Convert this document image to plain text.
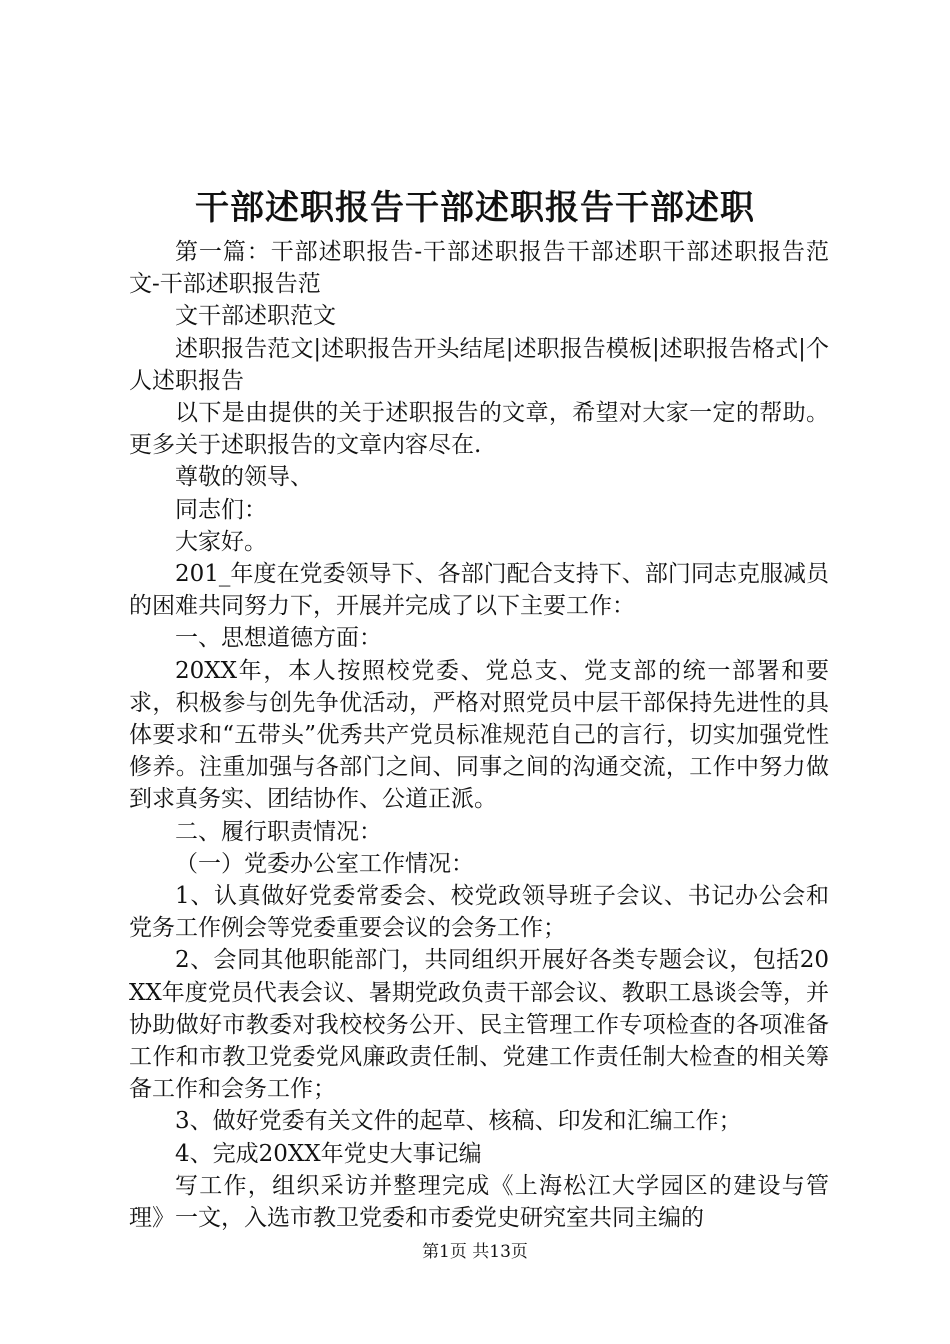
干部述职报告干部述职报告干部述职

第一篇：干部述职报告-干部述职报告干部述职干部述职报告范文-干部述职报告范

文干部述职范文

述职报告范文|述职报告开头结尾|述职报告模板|述职报告格式|个人述职报告

以下是由提供的关于述职报告的文章，希望对大家一定的帮助。更多关于述职报告的文章内容尽在.

尊敬的领导、

同志们：

大家好。

201_年度在党委领导下、各部门配合支持下、部门同志克服减员的困难共同努力下，开展并完成了以下主要工作：

一、思想道德方面：

20XX年，本人按照校党委、党总支、党支部的统一部署和要求，积极参与创先争优活动，严格对照党员中层干部保持先进性的具体要求和“五带头”优秀共产党员标准规范自己的言行，切实加强党性修养。注重加强与各部门之间、同事之间的沟通交流，工作中努力做到求真务实、团结协作、公道正派。

二、履行职责情况：

（一）党委办公室工作情况：

1、认真做好党委常委会、校党政领导班子会议、书记办公会和党务工作例会等党委重要会议的会务工作；

2、会同其他职能部门，共同组织开展好各类专题会议，包括20XX年度党员代表会议、暑期党政负责干部会议、教职工恳谈会等，并协助做好市教委对我校校务公开、民主管理工作专项检查的各项准备工作和市教卫党委党风廉政责任制、党建工作责任制大检查的相关筹备工作和会务工作；

3、做好党委有关文件的起草、核稿、印发和汇编工作；

4、完成20XX年党史大事记编

写工作，组织采访并整理完成《上海松江大学园区的建设与管理》一文，入选市教卫党委和市委党史研究室共同主编的

第1页 共13页
